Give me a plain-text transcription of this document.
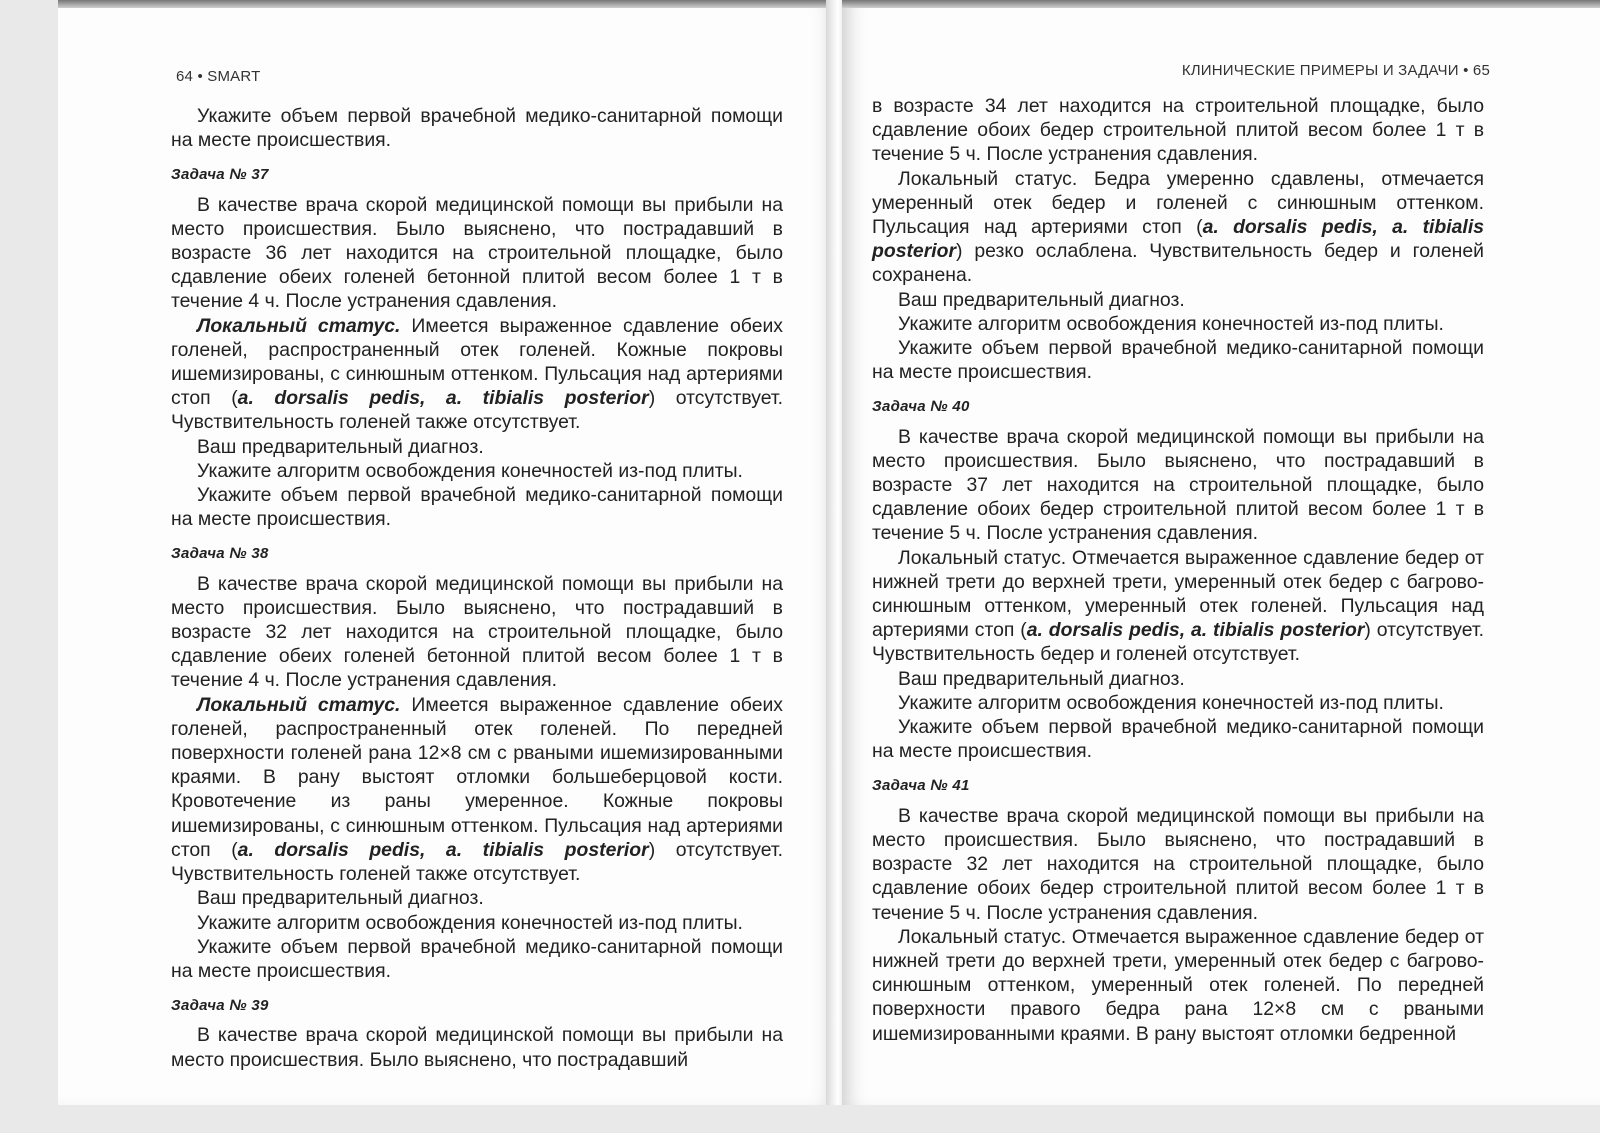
64 • SMART

Укажите объем первой врачебной медико-санитарной помощи на месте происшествия.

Задача № 37

В качестве врача скорой медицинской помощи вы прибыли на место происшествия. Было выяснено, что пострадавший в возрасте 36 лет находится на строительной площадке, было сдавление обеих голеней бетонной плитой весом более 1 т в течение 4 ч. После устранения сдавления.

Локальный статус. Имеется выраженное сдавление обеих голеней, распространенный отек голеней. Кожные покровы ишемизированы, с синюшным оттенком. Пульсация над артериями стоп (a. dorsalis pedis, a. tibialis posterior) отсутствует. Чувствительность голеней также отсутствует.

Ваш предварительный диагноз.

Укажите алгоритм освобождения конечностей из-под плиты.

Укажите объем первой врачебной медико-санитарной помощи на месте происшествия.

Задача № 38

В качестве врача скорой медицинской помощи вы прибыли на место происшествия. Было выяснено, что пострадавший в возрасте 32 лет находится на строительной площадке, было сдавление обеих голеней бетонной плитой весом более 1 т в течение 4 ч. После устранения сдавления.

Локальный статус. Имеется выраженное сдавление обеих голеней, распространенный отек голеней. По передней поверхности голеней рана 12×8 см с рваными ишемизированными краями. В рану выстоят отломки большеберцовой кости. Кровотечение из раны умеренное. Кожные покровы ишемизированы, с синюшным оттенком. Пульсация над артериями стоп (a. dorsalis pedis, a. tibialis posterior) отсутствует. Чувствительность голеней также отсутствует.

Ваш предварительный диагноз.

Укажите алгоритм освобождения конечностей из-под плиты.

Укажите объем первой врачебной медико-санитарной помощи на месте происшествия.

Задача № 39

В качестве врача скорой медицинской помощи вы прибыли на место происшествия. Было выяснено, что пострадавший

КЛИНИЧЕСКИЕ ПРИМЕРЫ И ЗАДАЧИ • 65

в возрасте 34 лет находится на строительной площадке, было сдавление обоих бедер строительной плитой весом более 1 т в течение 5 ч. После устранения сдавления.

Локальный статус. Бедра умеренно сдавлены, отмечается умеренный отек бедер и голеней с синюшным оттенком. Пульсация над артериями стоп (a. dorsalis pedis, a. tibialis posterior) резко ослаблена. Чувствительность бедер и голеней сохранена.

Ваш предварительный диагноз.

Укажите алгоритм освобождения конечностей из-под плиты.

Укажите объем первой врачебной медико-санитарной помощи на месте происшествия.

Задача № 40

В качестве врача скорой медицинской помощи вы прибыли на место происшествия. Было выяснено, что пострадавший в возрасте 37 лет находится на строительной площадке, было сдавление обоих бедер строительной плитой весом более 1 т в течение 5 ч. После устранения сдавления.

Локальный статус. Отмечается выраженное сдавление бедер от нижней трети до верхней трети, умеренный отек бедер с багрово-синюшным оттенком, умеренный отек голеней. Пульсация над артериями стоп (a. dorsalis pedis, a. tibialis posterior) отсутствует. Чувствительность бедер и голеней отсутствует.

Ваш предварительный диагноз.

Укажите алгоритм освобождения конечностей из-под плиты.

Укажите объем первой врачебной медико-санитарной помощи на месте происшествия.

Задача № 41

В качестве врача скорой медицинской помощи вы прибыли на место происшествия. Было выяснено, что пострадавший в возрасте 32 лет находится на строительной площадке, было сдавление обоих бедер строительной плитой весом более 1 т в течение 5 ч. После устранения сдавления.

Локальный статус. Отмечается выраженное сдавление бедер от нижней трети до верхней трети, умеренный отек бедер с багрово-синюшным оттенком, умеренный отек голеней. По передней поверхности правого бедра рана 12×8 см с рваными ишемизированными краями. В рану выстоят отломки бедренной
